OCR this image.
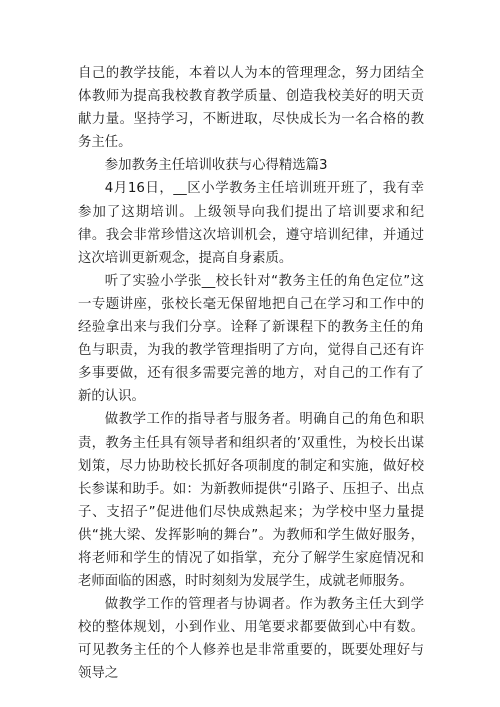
自己的教学技能，本着以人为本的管理理念，努力团结全体教师为提高我校教育教学质量、创造我校美好的明天贡献力量。坚持学习，不断进取，尽快成长为一名合格的教务主任。

参加教务主任培训收获与心得精选篇3

4月16日，__区小学教务主任培训班开班了，我有幸参加了这期培训。上级领导向我们提出了培训要求和纪律。我会非常珍惜这次培训机会，遵守培训纪律，并通过这次培训更新观念，提高自身素质。

听了实验小学张__校长针对“教务主任的角色定位”这一专题讲座，张校长毫无保留地把自己在学习和工作中的经验拿出来与我们分享。诠释了新课程下的教务主任的角色与职责，为我的教学管理指明了方向，觉得自己还有许多事要做，还有很多需要完善的地方，对自己的工作有了新的认识。

做教学工作的指导者与服务者。明确自己的角色和职责，教务主任具有领导者和组织者的’双重性，为校长出谋划策，尽力协助校长抓好各项制度的制定和实施，做好校长参谋和助手。如：为新教师提供“引路子、压担子、出点子、支招子”促进他们尽快成熟起来；为学校中坚力量提供“挑大梁、发挥影响的舞台”。为教师和学生做好服务，将老师和学生的情况了如指掌，充分了解学生家庭情况和老师面临的困惑，时时刻刻为发展学生，成就老师服务。

做教学工作的管理者与协调者。作为教务主任大到学校的整体规划，小到作业、用笔要求都要做到心中有数。可见教务主任的个人修养也是非常重要的，既要处理好与领导之
